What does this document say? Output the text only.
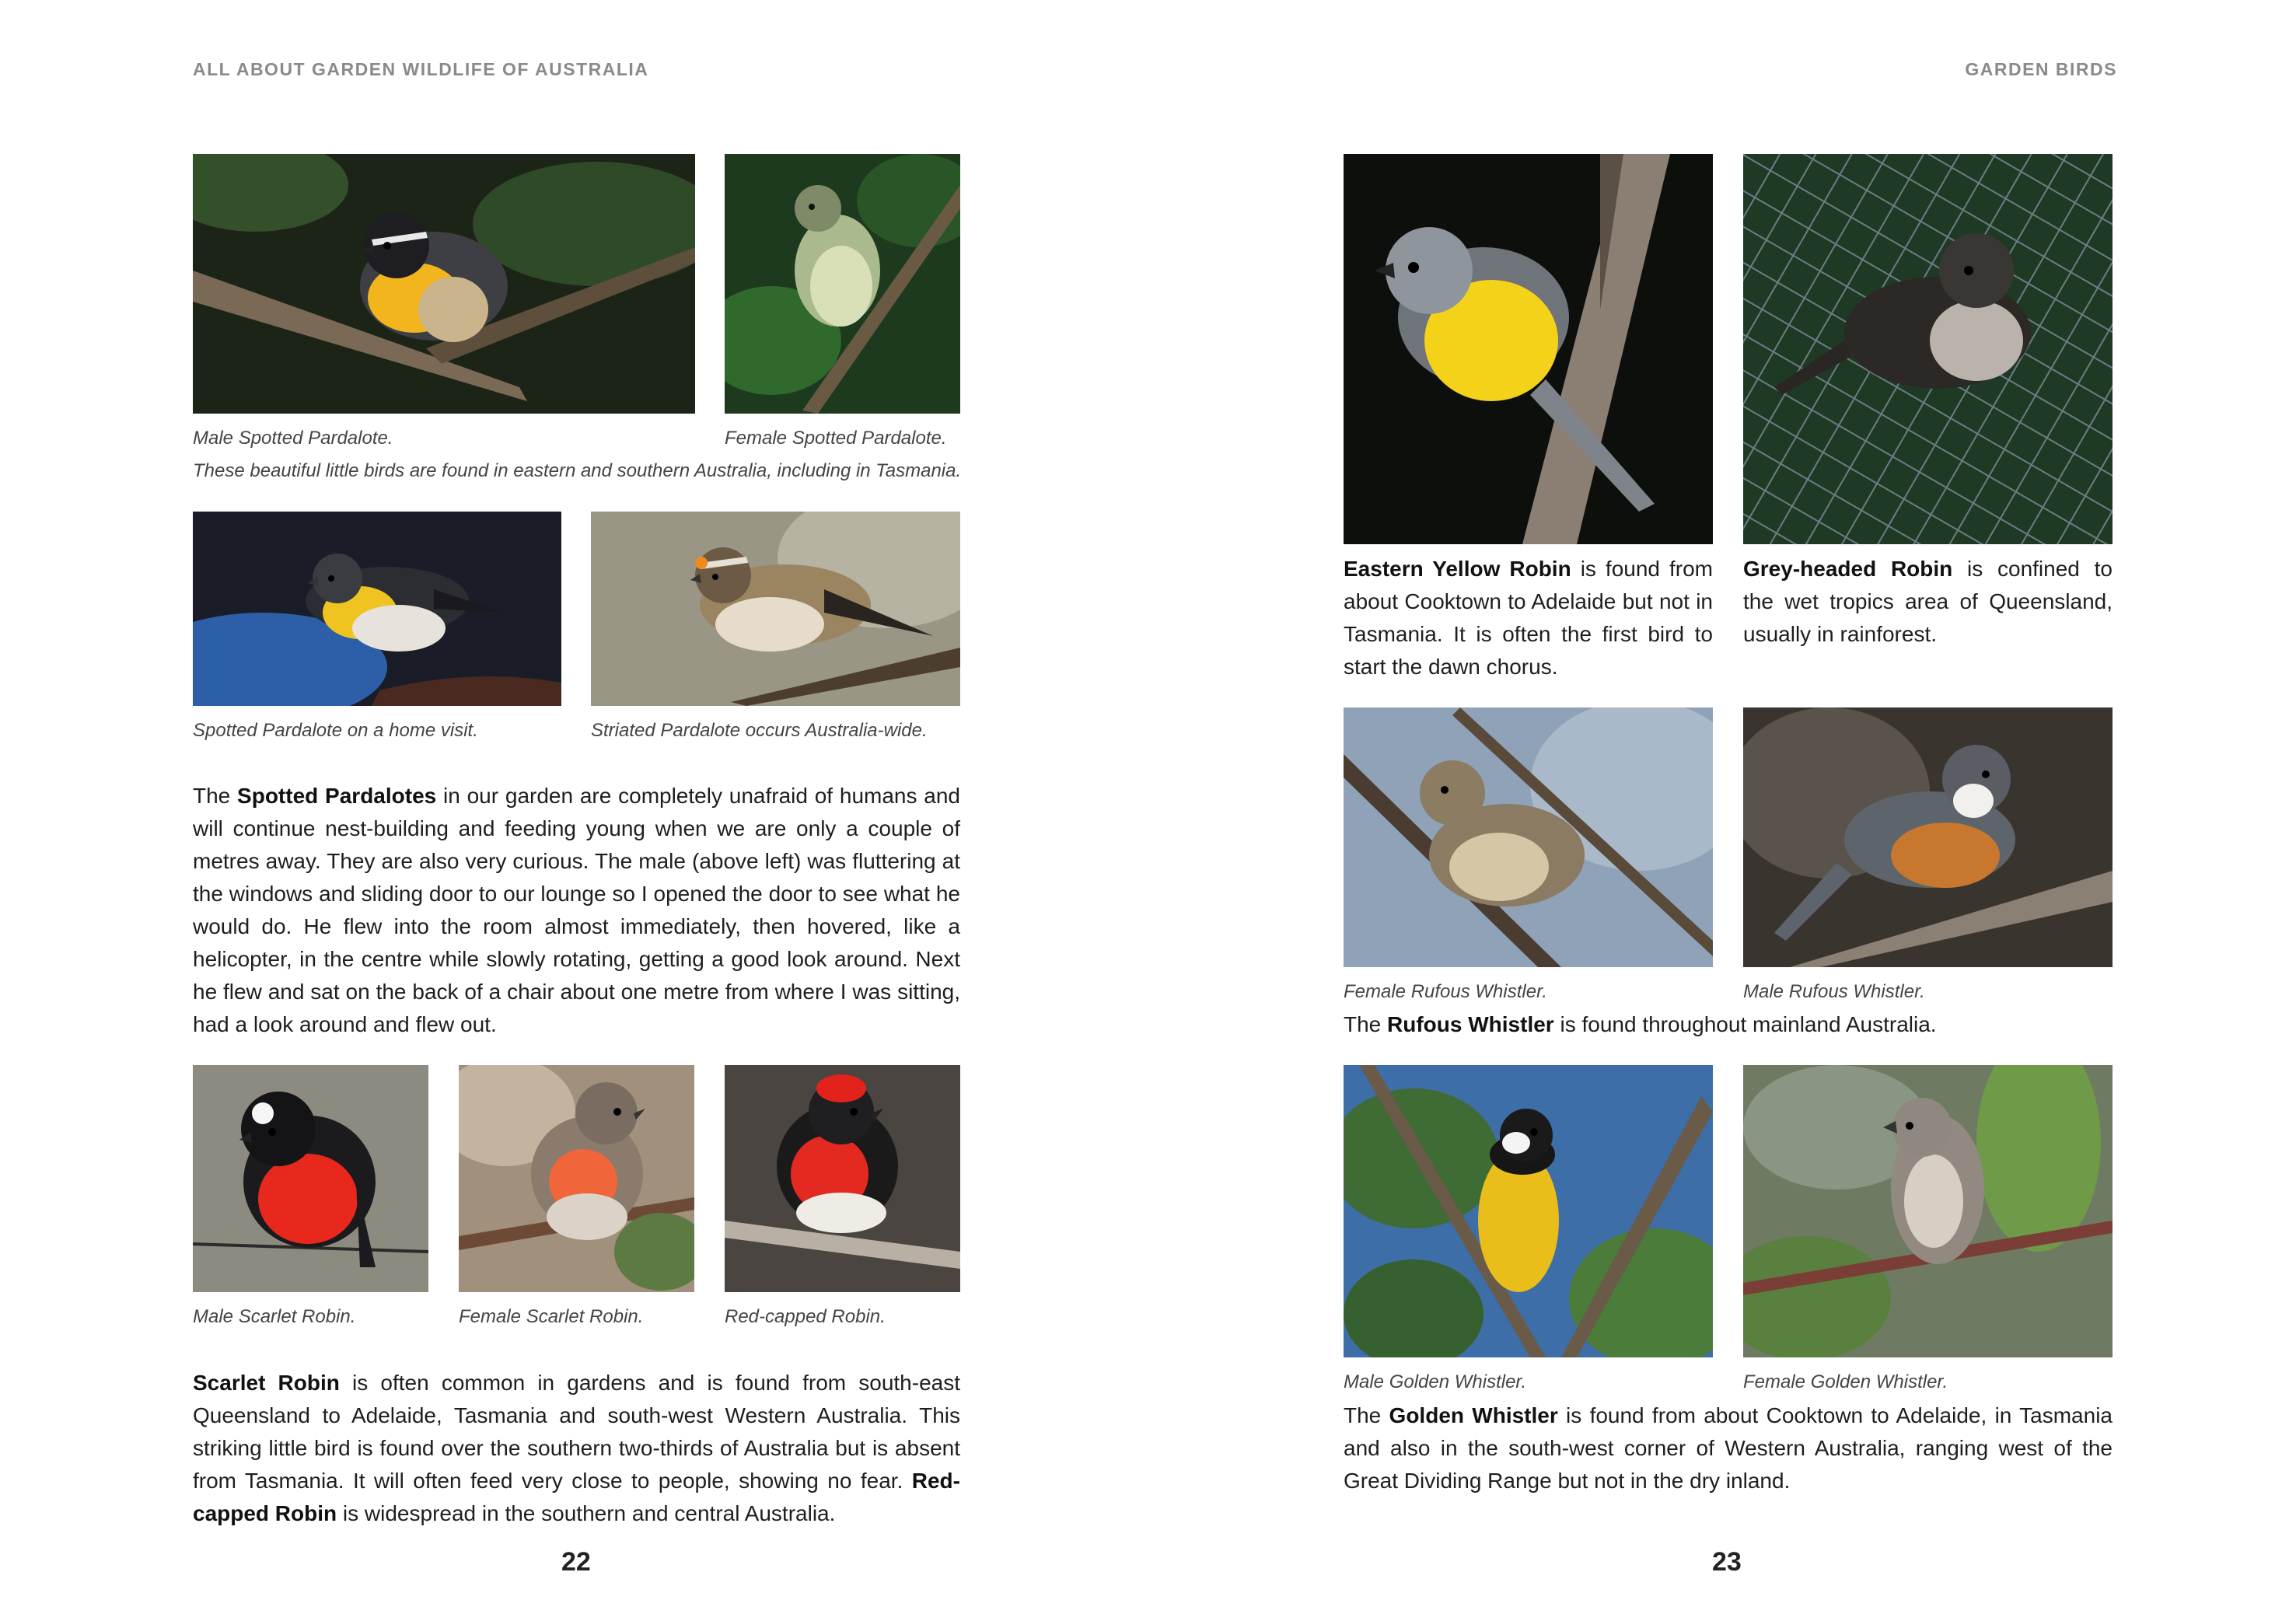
ALL ABOUT GARDEN WILDLIFE OF AUSTRALIA	GARDEN BIRDS
Male Spotted Pardalote.	Female Spotted Pardalote.
These beautiful little birds are found in eastern and southern Australia, including in Tasmania.
Spotted Pardalote on a home visit.	Striated Pardalote occurs Australia-wide.

The Spotted Pardalotes in our garden are completely unafraid of humans and will continue nest-building and feeding young when we are only a couple of metres away. They are also very curious. The male (above left) was fluttering at the windows and sliding door to our lounge so I opened the door to see what he would do. He flew into the room almost immediately, then hovered, like a helicopter, in the centre while slowly rotating, getting a good look around. Next he flew and sat on the back of a chair about one metre from where I was sitting, had a look around and flew out.

Male Scarlet Robin.	Female Scarlet Robin.	Red-capped Robin.

Scarlet Robin is often common in gardens and is found from south-east Queensland to Adelaide, Tasmania and south-west Western Australia. This striking little bird is found over the southern two-thirds of Australia but is absent from Tasmania. It will often feed very close to people, showing no fear. Red-capped Robin is widespread in the southern and central Australia.

22

Eastern Yellow Robin is found from about Cooktown to Adelaide but not in Tasmania. It is often the first bird to start the dawn chorus.

Grey-headed Robin is confined to the wet tropics area of Queensland, usually in rainforest.

Female Rufous Whistler.	Male Rufous Whistler.

The Rufous Whistler is found throughout mainland Australia.

Male Golden Whistler.	Female Golden Whistler.

The Golden Whistler is found from about Cooktown to Adelaide, in Tasmania and also in the south-west corner of Western Australia, ranging west of the Great Dividing Range but not in the dry inland.

23
